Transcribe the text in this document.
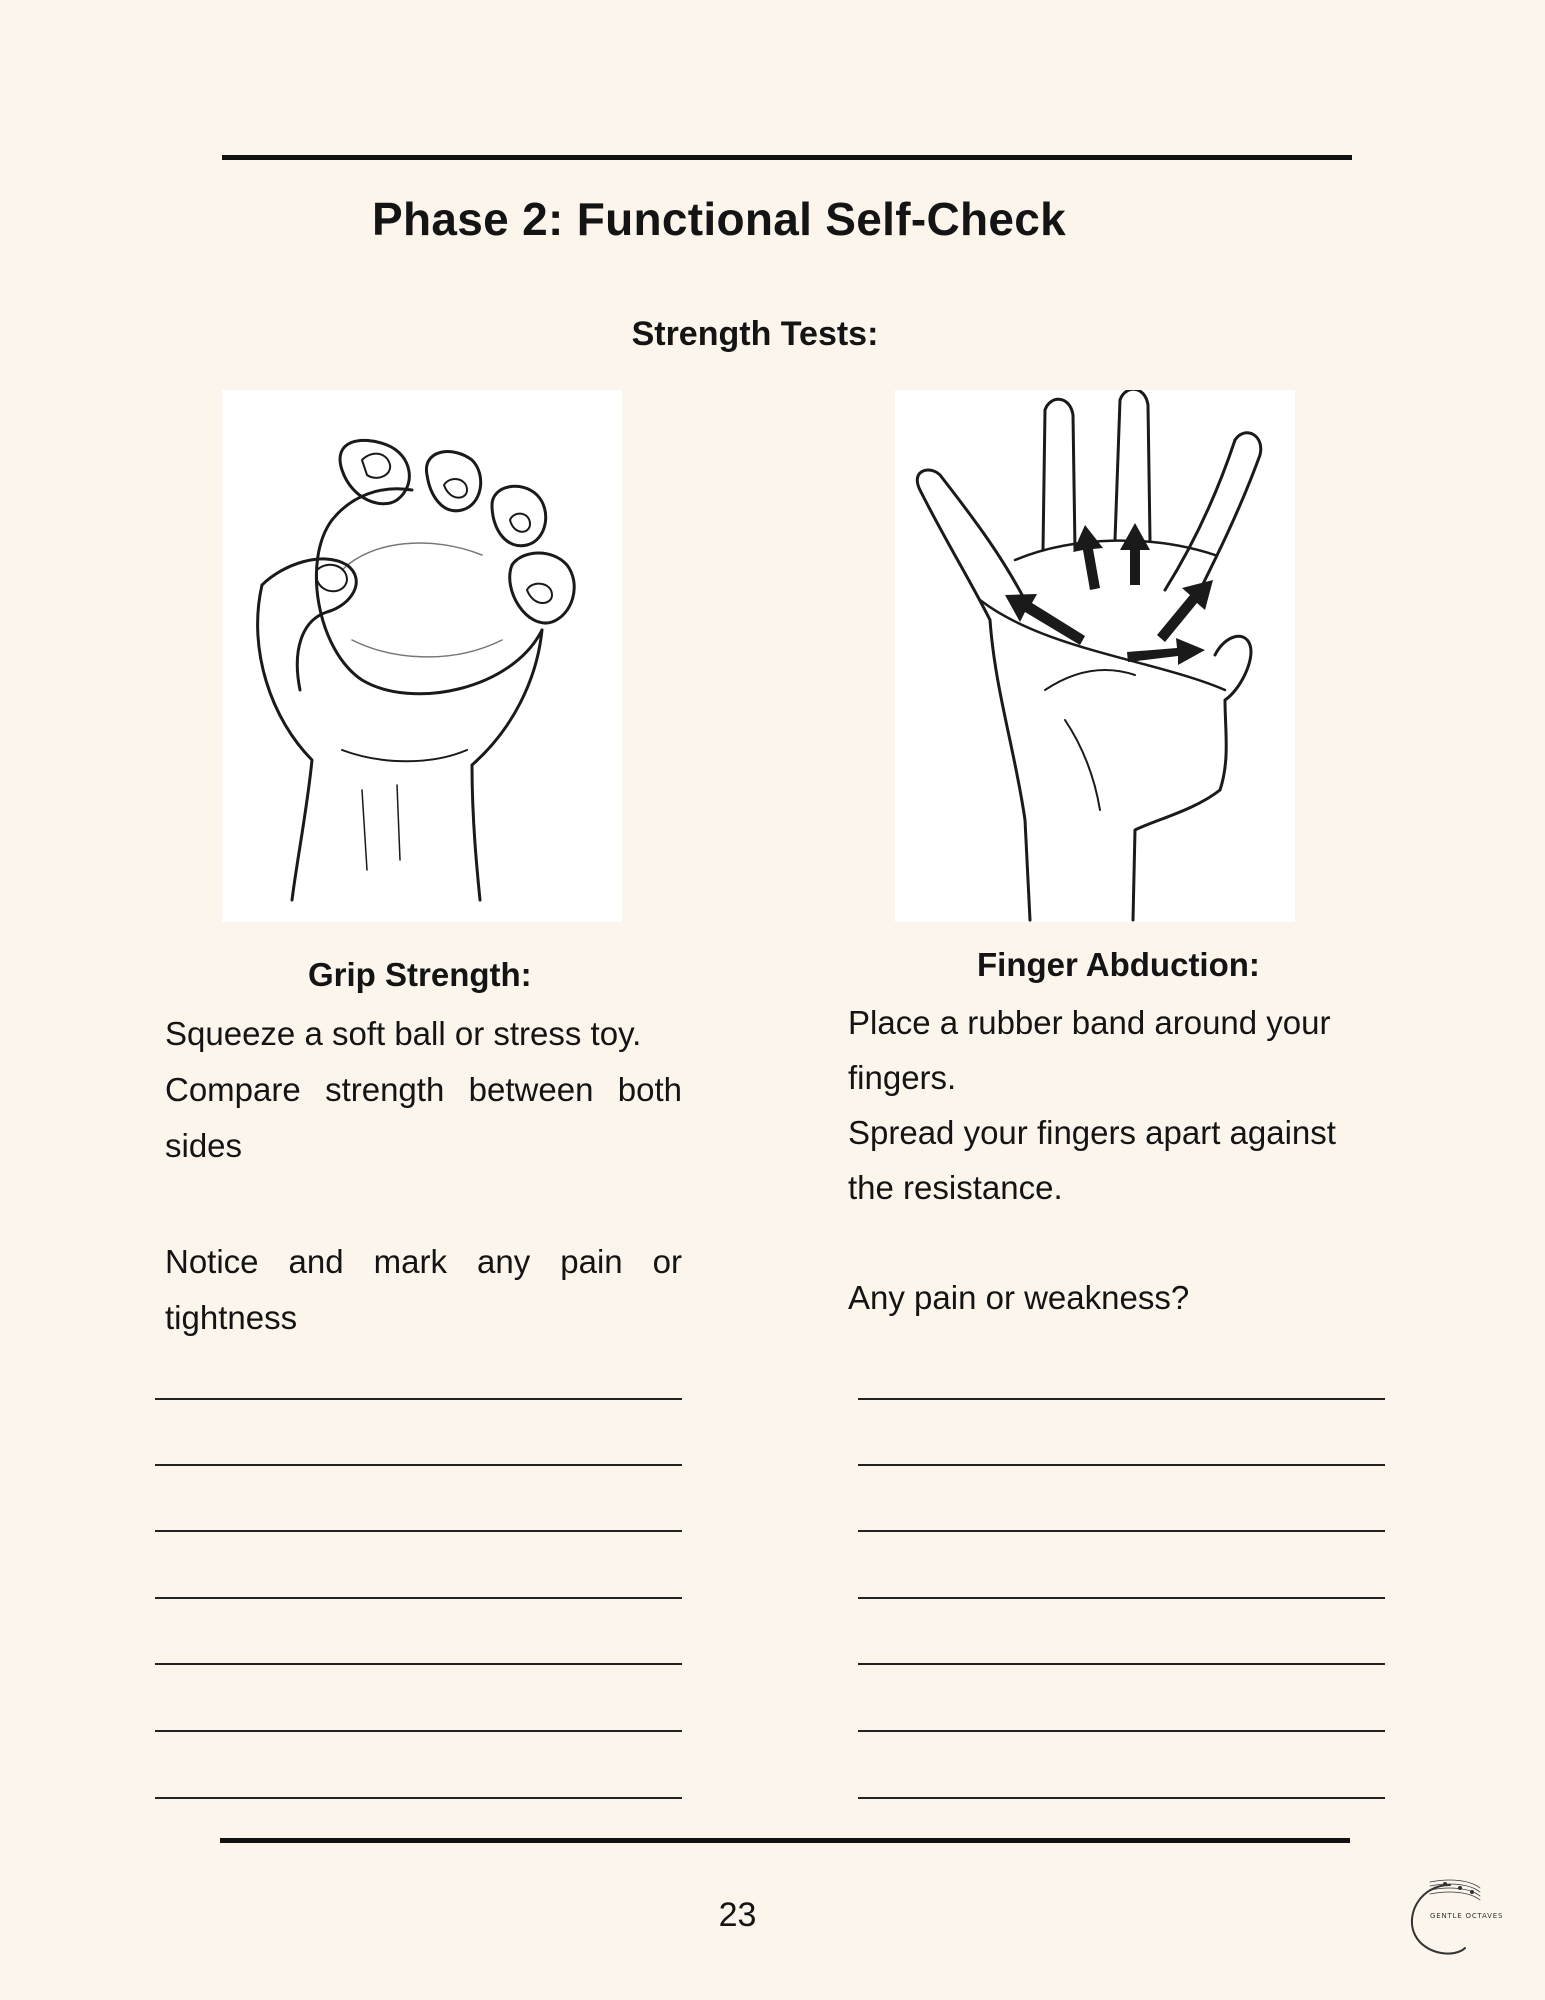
Phase 2: Functional Self-Check
Strength Tests:
Grip Strength:
Squeeze a soft ball or stress toy.
Compare strength between both sides
Notice and mark any pain or tightness
Finger Abduction:
Place a rubber band around your
fingers.
Spread your fingers apart against
the resistance.
Any pain or weakness?
23	GENTLE OCTAVES
